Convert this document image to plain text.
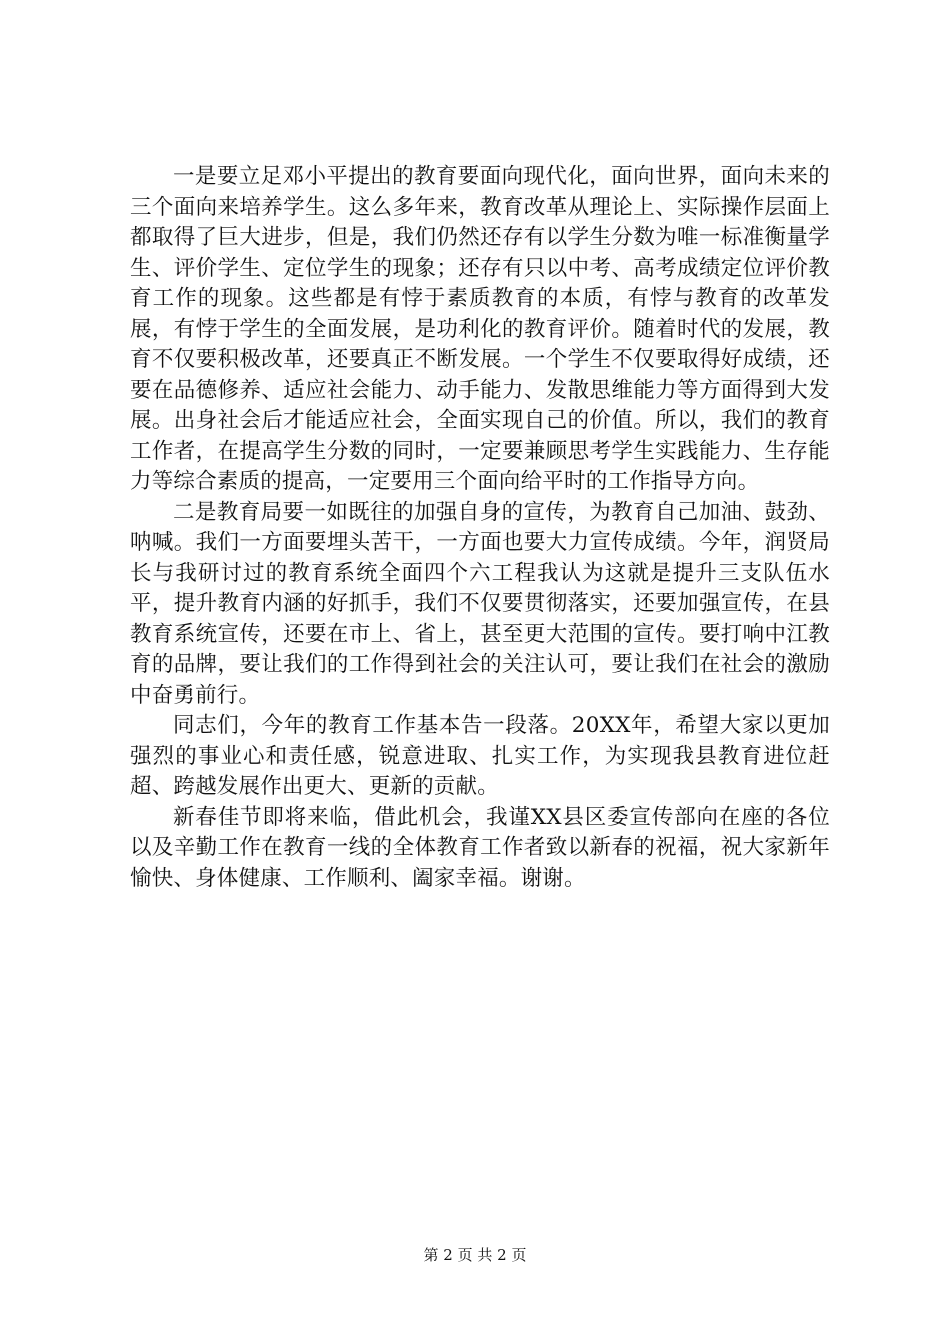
一是要立足邓小平提出的教育要面向现代化，面向世界，面向未来的三个面向来培养学生。这么多年来，教育改革从理论上、实际操作层面上都取得了巨大进步，但是，我们仍然还存有以学生分数为唯一标准衡量学生、评价学生、定位学生的现象；还存有只以中考、高考成绩定位评价教育工作的现象。这些都是有悖于素质教育的本质，有悖与教育的改革发展，有悖于学生的全面发展，是功利化的教育评价。随着时代的发展，教育不仅要积极改革，还要真正不断发展。一个学生不仅要取得好成绩，还要在品德修养、适应社会能力、动手能力、发散思维能力等方面得到大发展。出身社会后才能适应社会，全面实现自己的价值。所以，我们的教育工作者，在提高学生分数的同时，一定要兼顾思考学生实践能力、生存能力等综合素质的提高，一定要用三个面向给平时的工作指导方向。

二是教育局要一如既往的加强自身的宣传，为教育自己加油、鼓劲、呐喊。我们一方面要埋头苦干，一方面也要大力宣传成绩。今年，润贤局长与我研讨过的教育系统全面四个六工程我认为这就是提升三支队伍水平，提升教育内涵的好抓手，我们不仅要贯彻落实，还要加强宣传，在县教育系统宣传，还要在市上、省上，甚至更大范围的宣传。要打响中江教育的品牌，要让我们的工作得到社会的关注认可，要让我们在社会的激励中奋勇前行。

同志们，今年的教育工作基本告一段落。20XX年，希望大家以更加强烈的事业心和责任感，锐意进取、扎实工作，为实现我县教育进位赶超、跨越发展作出更大、更新的贡献。

新春佳节即将来临，借此机会，我谨XX县区委宣传部向在座的各位以及辛勤工作在教育一线的全体教育工作者致以新春的祝福，祝大家新年愉快、身体健康、工作顺利、阖家幸福。谢谢。

第 2 页 共 2 页
